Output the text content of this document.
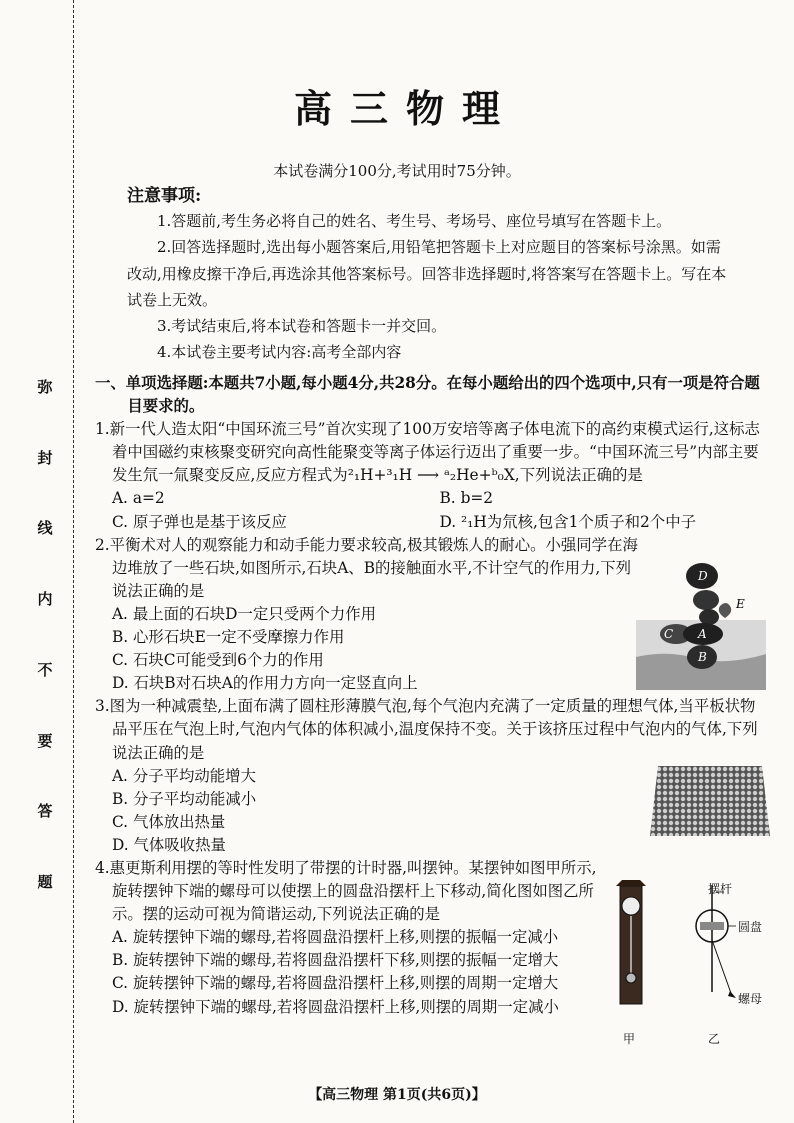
弥
封
线
内
不
要
答
题
高三物理
本试卷满分100分,考试用时75分钟。
注意事项:

1.答题前,考生务必将自己的姓名、考生号、考场号、座位号填写在答题卡上。

2.回答选择题时,选出每小题答案后,用铅笔把答题卡上对应题目的答案标号涂黑。如需改动,用橡皮擦干净后,再选涂其他答案标号。回答非选择题时,将答案写在答题卡上。写在本试卷上无效。

3.考试结束后,将本试卷和答题卡一并交回。

4.本试卷主要考试内容:高考全部内容

一、单项选择题:本题共7小题,每小题4分,共28分。在每小题给出的四个选项中,只有一项是符合题目要求的。
1.新一代人造太阳“中国环流三号”首次实现了100万安培等离子体电流下的高约束模式运行,这标志着中国磁约束核聚变研究向高性能聚变等离子体运行迈出了重要一步。“中国环流三号”内部主要发生氘一氚聚变反应,反应方程式为²₁H+³₁H ⟶ ᵃ₂He+ᵇ₀X,下列说法正确的是
A. a=2	B. b=2
C. 原子弹也是基于该反应	D. ²₁H为氘核,包含1个质子和2个中子
2.平衡术对人的观察能力和动手能力要求较高,极其锻炼人的耐心。小强同学在海边堆放了一些石块,如图所示,石块A、B的接触面水平,不计空气的作用力,下列说法正确的是
A. 最上面的石块D一定只受两个力作用
B. 心形石块E一定不受摩擦力作用
C. 石块C可能受到6个力的作用
D. 石块B对石块A的作用力方向一定竖直向上
3.图为一种减震垫,上面布满了圆柱形薄膜气泡,每个气泡内充满了一定质量的理想气体,当平板状物品平压在气泡上时,气泡内气体的体积减小,温度保持不变。关于该挤压过程中气泡内的气体,下列说法正确的是
A. 分子平均动能增大
B. 分子平均动能减小
C. 气体放出热量
D. 气体吸收热量
4.惠更斯利用摆的等时性发明了带摆的计时器,叫摆钟。某摆钟如图甲所示,旋转摆钟下端的螺母可以使摆上的圆盘沿摆杆上下移动,简化图如图乙所示。摆的运动可视为简谐运动,下列说法正确的是
A. 旋转摆钟下端的螺母,若将圆盘沿摆杆上移,则摆的振幅一定减小
B. 旋转摆钟下端的螺母,若将圆盘沿摆杆下移,则摆的振幅一定增大
C. 旋转摆钟下端的螺母,若将圆盘沿摆杆上移,则摆的周期一定增大
D. 旋转摆钟下端的螺母,若将圆盘沿摆杆上移,则摆的周期一定减小
D
E
C A
B
摆杆
圆盘
螺母
甲	乙
【高三物理 第1页(共6页)】
